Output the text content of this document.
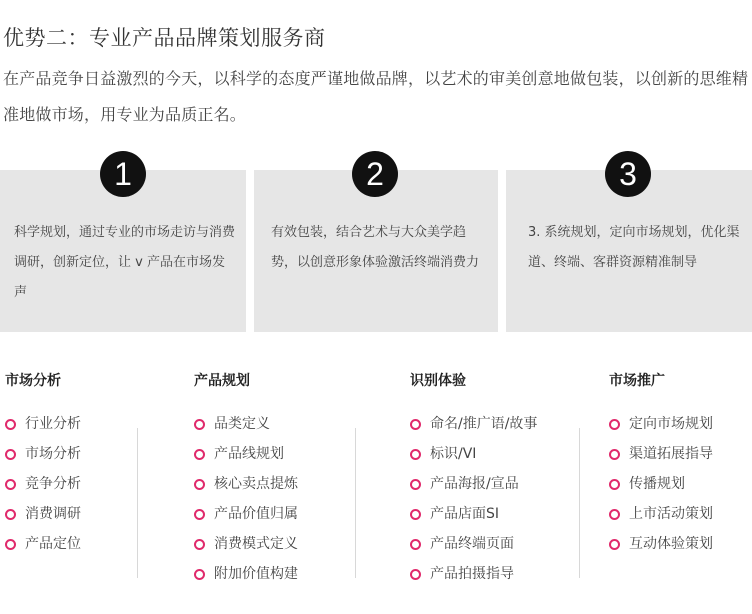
优势二：专业产品品牌策划服务商
在产品竞争日益激烈的今天，以科学的态度严谨地做品牌，以艺术的审美创意地做包装，以创新的思维精准地做市场，用专业为品质正名。
1
科学规划，通过专业的市场走访与消费调研，创新定位，让 v 产品在市场发声
2
有效包装，结合艺术与大众美学趋势，以创意形象体验激活终端消费力
3
3. 系统规划，定向市场规划，优化渠道、终端、客群资源精准制导
市场分析
行业分析
市场分析
竞争分析
消费调研
产品定位
产品规划
品类定义
产品线规划
核心卖点提炼
产品价值归属
消费模式定义
附加价值构建
识别体验
命名/推广语/故事
标识/VI
产品海报/宣品
产品店面SI
产品终端页面
产品拍摄指导
市场推广
定向市场规划
渠道拓展指导
传播规划
上市活动策划
互动体验策划
